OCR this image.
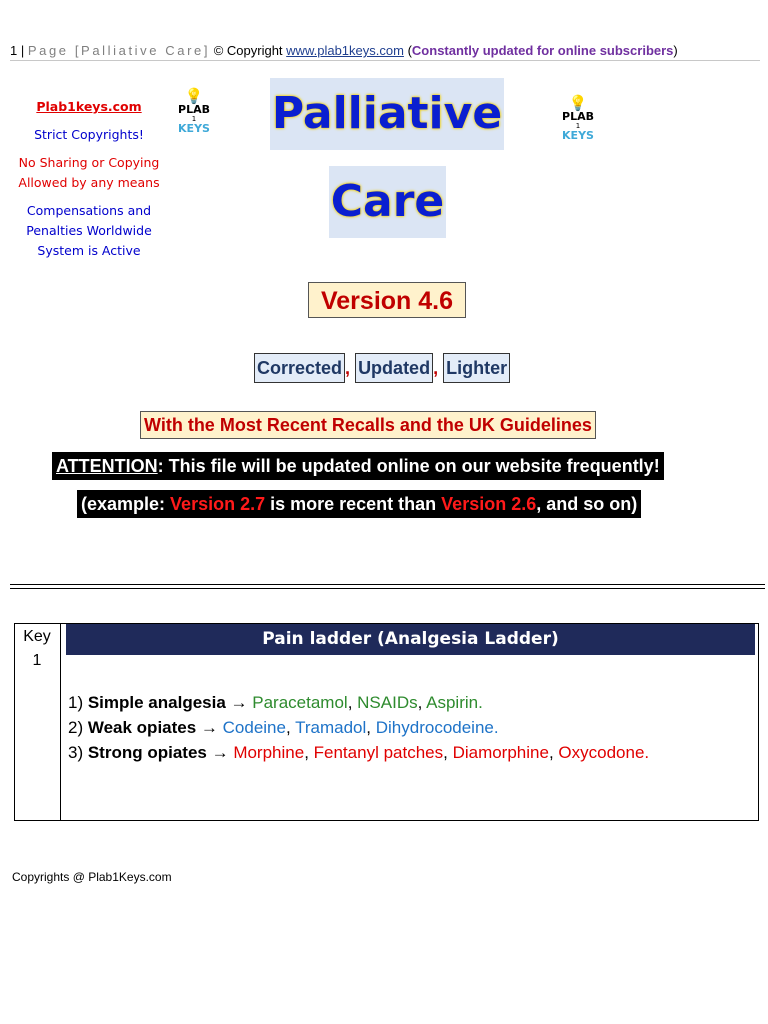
1 | Page [Palliative Care] © Copyright www.plab1keys.com (Constantly updated for online subscribers)
Plab1keys.com
Strict Copyrights!
No Sharing or Copying Allowed by any means
Compensations and Penalties Worldwide System is Active
💡
PLAB
1
KEYS
💡
PLAB
1
KEYS
Palliative
Care
Version 4.6
Corrected , Updated , Lighter
With the Most Recent Recalls and the UK Guidelines
ATTENTION: This file will be updated online on our website frequently!
(example: Version 2.7 is more recent than Version 2.6, and so on)
Key
1
Pain ladder (Analgesia Ladder)
1) Simple analgesia → Paracetamol, NSAIDs, Aspirin.
2) Weak opiates → Codeine, Tramadol, Dihydrocodeine.
3) Strong opiates → Morphine, Fentanyl patches, Diamorphine, Oxycodone.
Copyrights @ Plab1Keys.com
